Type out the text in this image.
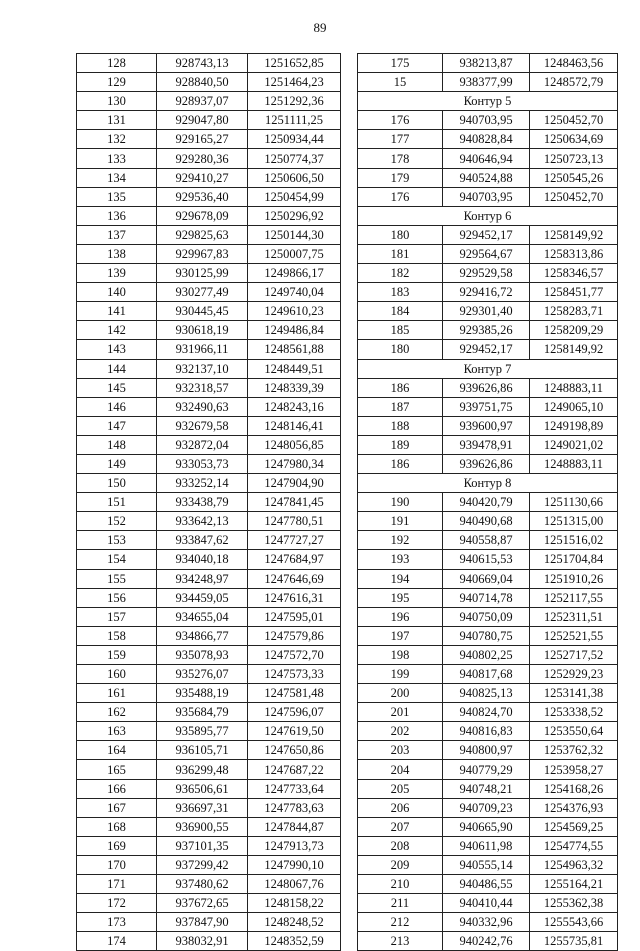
89
128	928743,13	1251652,85
129	928840,50	1251464,23
130	928937,07	1251292,36
131	929047,80	1251111,25
132	929165,27	1250934,44
133	929280,36	1250774,37
134	929410,27	1250606,50
135	929536,40	1250454,99
136	929678,09	1250296,92
137	929825,63	1250144,30
138	929967,83	1250007,75
139	930125,99	1249866,17
140	930277,49	1249740,04
141	930445,45	1249610,23
142	930618,19	1249486,84
143	931966,11	1248561,88
144	932137,10	1248449,51
145	932318,57	1248339,39
146	932490,63	1248243,16
147	932679,58	1248146,41
148	932872,04	1248056,85
149	933053,73	1247980,34
150	933252,14	1247904,90
151	933438,79	1247841,45
152	933642,13	1247780,51
153	933847,62	1247727,27
154	934040,18	1247684,97
155	934248,97	1247646,69
156	934459,05	1247616,31
157	934655,04	1247595,01
158	934866,77	1247579,86
159	935078,93	1247572,70
160	935276,07	1247573,33
161	935488,19	1247581,48
162	935684,79	1247596,07
163	935895,77	1247619,50
164	936105,71	1247650,86
165	936299,48	1247687,22
166	936506,61	1247733,64
167	936697,31	1247783,63
168	936900,55	1247844,87
169	937101,35	1247913,73
170	937299,42	1247990,10
171	937480,62	1248067,76
172	937672,65	1248158,22
173	937847,90	1248248,52
174	938032,91	1248352,59
175	938213,87	1248463,56
15	938377,99	1248572,79
Контур 5		
176	940703,95	1250452,70
177	940828,84	1250634,69
178	940646,94	1250723,13
179	940524,88	1250545,26
176	940703,95	1250452,70
Контур 6		
180	929452,17	1258149,92
181	929564,67	1258313,86
182	929529,58	1258346,57
183	929416,72	1258451,77
184	929301,40	1258283,71
185	929385,26	1258209,29
180	929452,17	1258149,92
Контур 7		
186	939626,86	1248883,11
187	939751,75	1249065,10
188	939600,97	1249198,89
189	939478,91	1249021,02
186	939626,86	1248883,11
Контур 8		
190	940420,79	1251130,66
191	940490,68	1251315,00
192	940558,87	1251516,02
193	940615,53	1251704,84
194	940669,04	1251910,26
195	940714,78	1252117,55
196	940750,09	1252311,51
197	940780,75	1252521,55
198	940802,25	1252717,52
199	940817,68	1252929,23
200	940825,13	1253141,38
201	940824,70	1253338,52
202	940816,83	1253550,64
203	940800,97	1253762,32
204	940779,29	1253958,27
205	940748,21	1254168,26
206	940709,23	1254376,93
207	940665,90	1254569,25
208	940611,98	1254774,55
209	940555,14	1254963,32
210	940486,55	1255164,21
211	940410,44	1255362,38
212	940332,96	1255543,66
213	940242,76	1255735,81
